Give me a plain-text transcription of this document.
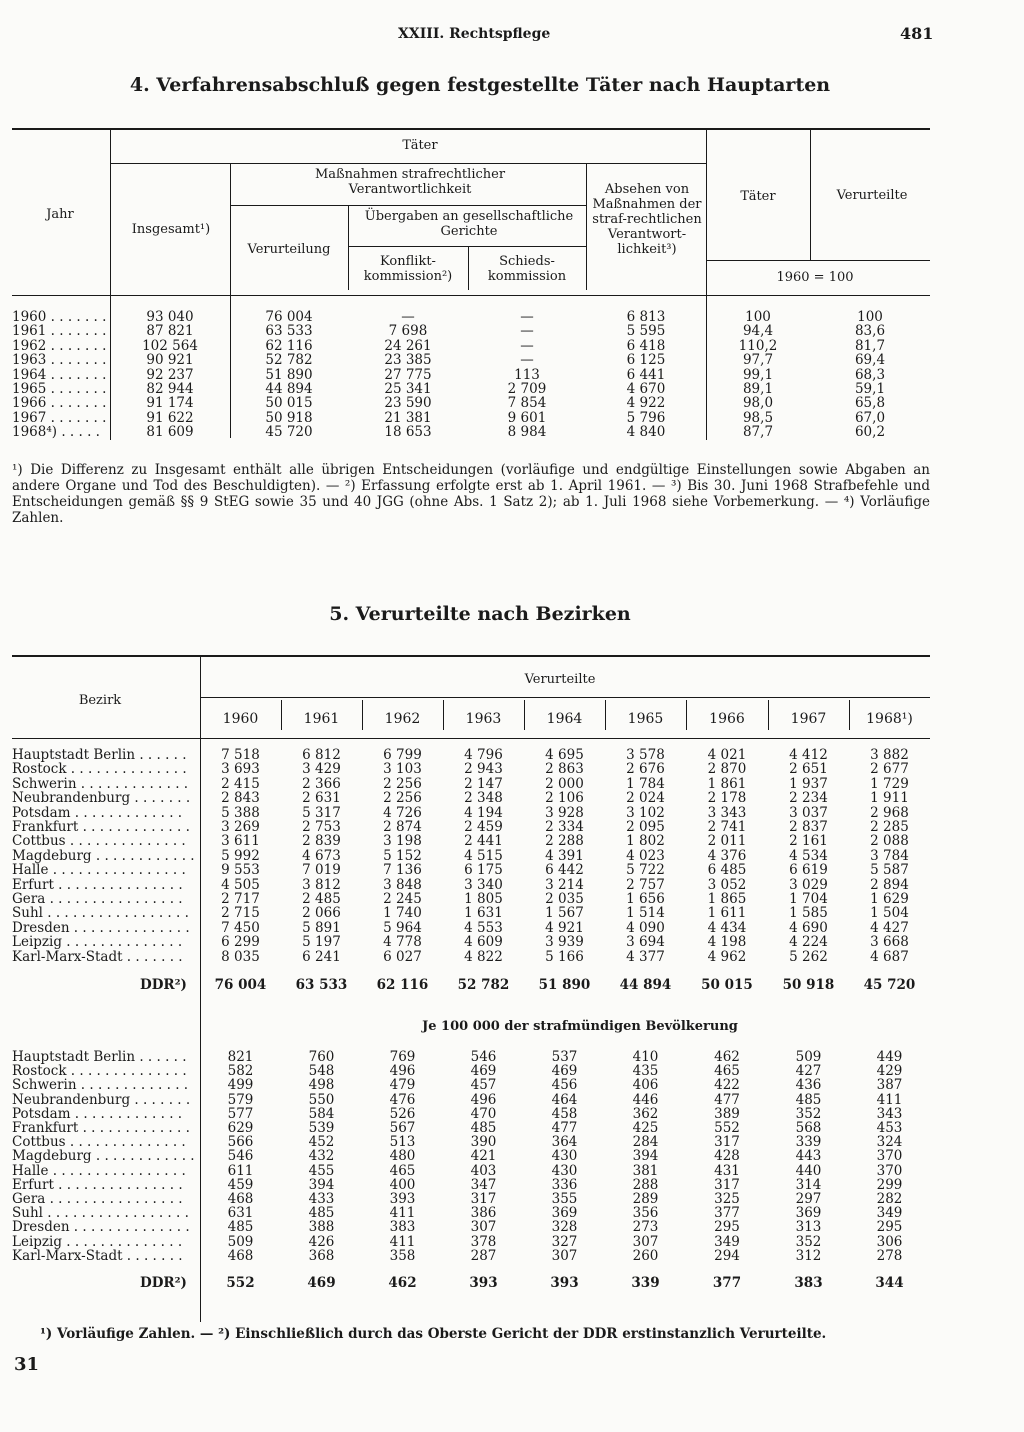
XXIII. Rechtspflege	481
4. Verfahrensabschluß gegen festgestellte Täter nach Hauptarten
Jahr
Täter
Insgesamt¹)
Maßnahmen strafrechtlicher Verantwortlichkeit
Verurteilung
Übergaben an gesellschaftliche Gerichte
Konflikt-kommission²)
Schieds-kommission
Absehen von Maßnahmen der straf-rechtlichen Verantwort-lichkeit³)
Täter	Verurteilte
1960 = 100
1960 . . . . . . .	93 040	76 004	—	—	6 813	100	100
1961 . . . . . . .	87 821	63 533	7 698	—	5 595	94,4	83,6
1962 . . . . . . .	102 564	62 116	24 261	—	6 418	110,2	81,7
1963 . . . . . . .	90 921	52 782	23 385	—	6 125	97,7	69,4
1964 . . . . . . .	92 237	51 890	27 775	113	6 441	99,1	68,3
1965 . . . . . . .	82 944	44 894	25 341	2 709	4 670	89,1	59,1
1966 . . . . . . .	91 174	50 015	23 590	7 854	4 922	98,0	65,8
1967 . . . . . . .	91 622	50 918	21 381	9 601	5 796	98,5	67,0
1968⁴) . . . . .	81 609	45 720	18 653	8 984	4 840	87,7	60,2
¹) Die Differenz zu Insgesamt enthält alle übrigen Entscheidungen (vorläufige und endgültige Einstellungen sowie Abgaben an andere Organe und Tod des Beschuldigten). — ²) Erfassung erfolgte erst ab 1. April 1961. — ³) Bis 30. Juni 1968 Strafbefehle und Entscheidungen gemäß §§ 9 StEG sowie 35 und 40 JGG (ohne Abs. 1 Satz 2); ab 1. Juli 1968 siehe Vorbemerkung. — ⁴) Vorläufige Zahlen.
5. Verurteilte nach Bezirken
Bezirk
Verurteilte
1960	1961	1962	1963	1964	1965	1966	1967	1968¹)
Hauptstadt Berlin . . . . . .	7 518	6 812	6 799	4 796	4 695	3 578	4 021	4 412	3 882
Rostock . . . . . . . . . . . . . .	3 693	3 429	3 103	2 943	2 863	2 676	2 870	2 651	2 677
Schwerin . . . . . . . . . . . . .	2 415	2 366	2 256	2 147	2 000	1 784	1 861	1 937	1 729
Neubrandenburg . . . . . . .	2 843	2 631	2 256	2 348	2 106	2 024	2 178	2 234	1 911
Potsdam . . . . . . . . . . . . .	5 388	5 317	4 726	4 194	3 928	3 102	3 343	3 037	2 968
Frankfurt . . . . . . . . . . . . .	3 269	2 753	2 874	2 459	2 334	2 095	2 741	2 837	2 285
Cottbus . . . . . . . . . . . . . .	3 611	2 839	3 198	2 441	2 288	1 802	2 011	2 161	2 088
Magdeburg . . . . . . . . . . . .	5 992	4 673	5 152	4 515	4 391	4 023	4 376	4 534	3 784
Halle . . . . . . . . . . . . . . . .	9 553	7 019	7 136	6 175	6 442	5 722	6 485	6 619	5 587
Erfurt . . . . . . . . . . . . . . .	4 505	3 812	3 848	3 340	3 214	2 757	3 052	3 029	2 894
Gera . . . . . . . . . . . . . . . .	2 717	2 485	2 245	1 805	2 035	1 656	1 865	1 704	1 629
Suhl . . . . . . . . . . . . . . . . .	2 715	2 066	1 740	1 631	1 567	1 514	1 611	1 585	1 504
Dresden . . . . . . . . . . . . . .	7 450	5 891	5 964	4 553	4 921	4 090	4 434	4 690	4 427
Leipzig . . . . . . . . . . . . . .	6 299	5 197	4 778	4 609	3 939	3 694	4 198	4 224	3 668
Karl-Marx-Stadt . . . . . . .	8 035	6 241	6 027	4 822	5 166	4 377	4 962	5 262	4 687
DDR²)	76 004	63 533	62 116	52 782	51 890	44 894	50 015	50 918	45 720
Je 100 000 der strafmündigen Bevölkerung
Hauptstadt Berlin . . . . . .	821	760	769	546	537	410	462	509	449
Rostock . . . . . . . . . . . . . .	582	548	496	469	469	435	465	427	429
Schwerin . . . . . . . . . . . . .	499	498	479	457	456	406	422	436	387
Neubrandenburg . . . . . . .	579	550	476	496	464	446	477	485	411
Potsdam . . . . . . . . . . . . .	577	584	526	470	458	362	389	352	343
Frankfurt . . . . . . . . . . . . .	629	539	567	485	477	425	552	568	453
Cottbus . . . . . . . . . . . . . .	566	452	513	390	364	284	317	339	324
Magdeburg . . . . . . . . . . . .	546	432	480	421	430	394	428	443	370
Halle . . . . . . . . . . . . . . . .	611	455	465	403	430	381	431	440	370
Erfurt . . . . . . . . . . . . . . .	459	394	400	347	336	288	317	314	299
Gera . . . . . . . . . . . . . . . .	468	433	393	317	355	289	325	297	282
Suhl . . . . . . . . . . . . . . . . .	631	485	411	386	369	356	377	369	349
Dresden . . . . . . . . . . . . . .	485	388	383	307	328	273	295	313	295
Leipzig . . . . . . . . . . . . . .	509	426	411	378	327	307	349	352	306
Karl-Marx-Stadt . . . . . . .	468	368	358	287	307	260	294	312	278
DDR²)	552	469	462	393	393	339	377	383	344
¹) Vorläufige Zahlen. — ²) Einschließlich durch das Oberste Gericht der DDR erstinstanzlich Verurteilte.
31
